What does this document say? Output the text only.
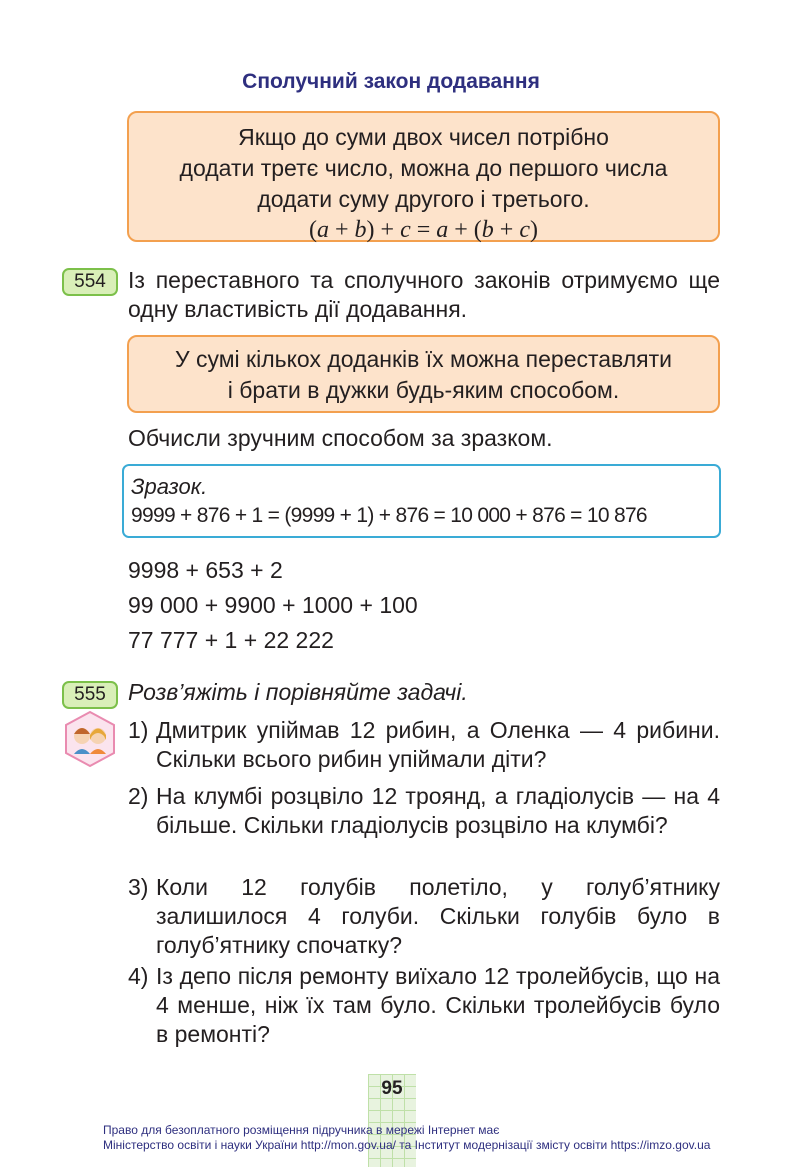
Сполучний закон додавання
Якщо до суми двох чисел потрібно
додати третє число, можна до першого числа
додати суму другого і третього.
(a + b) + c = a + (b + c)
554 Із переставного та сполучного законів отримуємо ще одну властивість дії додавання.
У сумі кількох доданків їх можна переставляти
і брати в дужки будь-яким способом.
Обчисли зручним способом за зразком.
Зразок.
9999 + 876 + 1 = (9999 + 1) + 876 = 10 000 + 876 = 10 876
9998 + 653 + 2
99 000 + 9900 + 1000 + 100
77 777 + 1 + 22 222
555 Розв’яжіть і порівняйте задачі.
1) Дмитрик упіймав 12 рибин, а Оленка — 4 рибини. Скільки всього рибин упіймали діти?
2) На клумбі розцвіло 12 троянд, а гладіолусів — на 4 більше. Скільки гладіолусів розцвіло на клумбі?
3) Коли 12 голубів полетіло, у голуб’ятнику залишилося 4 голуби. Скільки голубів було в голуб’ятнику спочатку?
4) Із депо після ремонту виїхало 12 тролейбусів, що на 4 менше, ніж їх там було. Скільки тролейбусів було в ремонті?
95
Право для безоплатного розміщення підручника в мережі Інтернет має
Міністерство освіти і науки України http://mon.gov.ua/ та Інститут модернізації змісту освіти https://imzo.gov.ua
